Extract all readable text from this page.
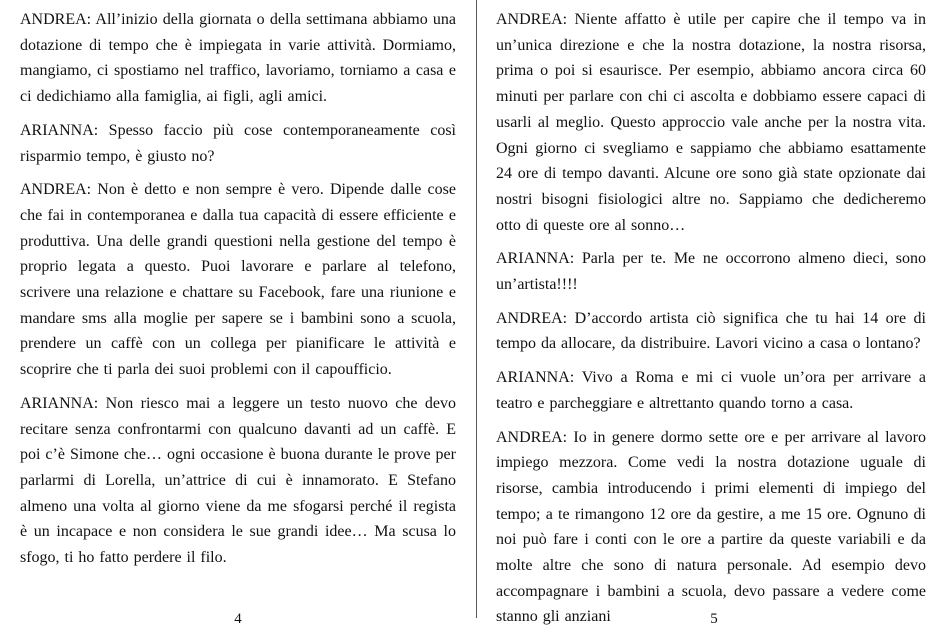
ANDREA: All’inizio della giornata o della settimana abbiamo una dotazione di tempo che è impiegata in varie attività. Dormiamo, mangiamo, ci spostiamo nel traffico, lavoriamo, torniamo a casa e ci dedichiamo alla famiglia, ai figli, agli amici.

ARIANNA: Spesso faccio più cose contemporaneamente così risparmio tempo, è giusto no?

ANDREA: Non è detto e non sempre è vero. Dipende dalle cose che fai in contemporanea e dalla tua capacità di essere efficiente e produttiva. Una delle grandi questioni nella gestione del tempo è proprio legata a questo. Puoi lavorare e parlare al telefono, scrivere una relazione e chattare su Facebook, fare una riunione e mandare sms alla moglie per sapere se i bambini sono a scuola, prendere un caffè con un collega per pianificare le attività e scoprire che ti parla dei suoi problemi con il capoufficio.

ARIANNA: Non riesco mai a leggere un testo nuovo che devo recitare senza confrontarmi con qualcuno davanti ad un caffè. E poi c’è Simone che… ogni occasione è buona durante le prove per parlarmi di Lorella, un’attrice di cui è innamorato. E Stefano almeno una volta al giorno viene da me sfogarsi perché il regista è un incapace e non considera le sue grandi idee… Ma scusa lo sfogo, ti ho fatto perdere il filo.

4

ANDREA: Niente affatto è utile per capire che il tempo va in un’unica direzione e che la nostra dotazione, la nostra risorsa, prima o poi si esaurisce. Per esempio, abbiamo ancora circa 60 minuti per parlare con chi ci ascolta e dobbiamo essere capaci di usarli al meglio. Questo approccio vale anche per la nostra vita. Ogni giorno ci svegliamo e sappiamo che abbiamo esattamente 24 ore di tempo davanti. Alcune ore sono già state opzionate dai nostri bisogni fisiologici altre no. Sappiamo che dedicheremo otto di queste ore al sonno…

ARIANNA: Parla per te. Me ne occorrono almeno dieci, sono un’artista!!!!

ANDREA: D’accordo artista ciò significa che tu hai 14 ore di tempo da allocare, da distribuire. Lavori vicino a casa o lontano?

ARIANNA: Vivo a Roma e mi ci vuole un’ora per arrivare a teatro e parcheggiare e altrettanto quando torno a casa.

ANDREA: Io in genere dormo sette ore e per arrivare al lavoro impiego mezzora. Come vedi la nostra dotazione uguale di risorse, cambia introducendo i primi elementi di impiego del tempo; a te rimangono 12 ore da gestire, a me 15 ore. Ognuno di noi può fare i conti con le ore a partire da queste variabili e da molte altre che sono di natura personale. Ad esempio devo accompagnare i bambini a scuola, devo passare a vedere come stanno gli anziani	5
